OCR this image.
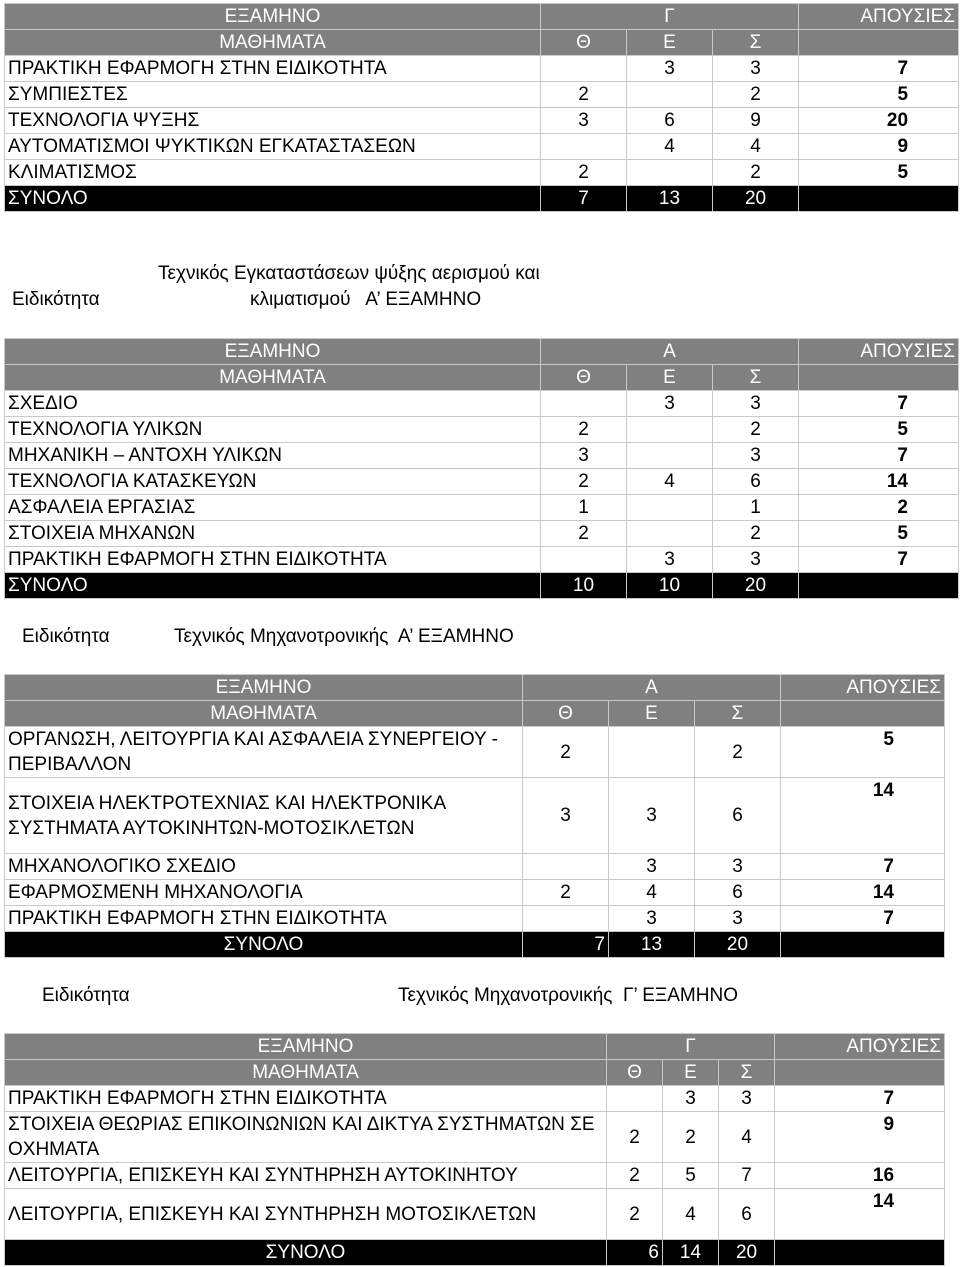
ΕΞΑΜΗΝΟ	Γ			ΑΠΟΥΣΙΕΣ
ΜΑΘΗΜΑΤΑ	Θ	Ε	Σ	
ΠΡΑΚΤΙΚΗ ΕΦΑΡΜΟΓΗ ΣΤΗΝ ΕΙΔΙΚΟΤΗΤΑ		3	3	7
ΣΥΜΠΙΕΣΤΕΣ	2		2	5
ΤΕΧΝΟΛΟΓΙΑ ΨΥΞΗΣ	3	6	9	20
ΑΥΤΟΜΑΤΙΣΜΟΙ ΨΥΚΤΙΚΩΝ ΕΓΚΑΤΑΣΤΑΣΕΩΝ		4	4	9
ΚΛΙΜΑΤΙΣΜΟΣ	2		2	5
ΣΥΝΟΛΟ	7	13	20	
Ειδικότητα
Τεχνικός Εγκαταστάσεων ψύξης αερισμού και
κλιματισμού   Α’ ΕΞΑΜΗΝΟ
ΕΞΑΜΗΝΟ	Α			ΑΠΟΥΣΙΕΣ
ΜΑΘΗΜΑΤΑ	Θ	Ε	Σ	
ΣΧΕΔΙΟ		3	3	7
ΤΕΧΝΟΛΟΓΙΑ ΥΛΙΚΩΝ	2		2	5
ΜΗΧΑΝΙΚΗ – ΑΝΤΟΧΗ ΥΛΙΚΩΝ	3		3	7
ΤΕΧΝΟΛΟΓΙΑ ΚΑΤΑΣΚΕΥΩΝ	2	4	6	14
ΑΣΦΑΛΕΙΑ ΕΡΓΑΣΙΑΣ	1		1	2
ΣΤΟΙΧΕΙΑ ΜΗΧΑΝΩΝ	2		2	5
ΠΡΑΚΤΙΚΗ ΕΦΑΡΜΟΓΗ ΣΤΗΝ ΕΙΔΙΚΟΤΗΤΑ		3	3	7
ΣΥΝΟΛΟ	10	10	20	
Ειδικότητα	Τεχνικός Μηχανοτρονικής  Α’ ΕΞΑΜΗΝΟ
ΕΞΑΜΗΝΟ	Α			ΑΠΟΥΣΙΕΣ
ΜΑΘΗΜΑΤΑ	Θ	Ε	Σ	
ΟΡΓΑΝΩΣΗ, ΛΕΙΤΟΥΡΓΙΑ ΚΑΙ ΑΣΦΑΛΕΙΑ ΣΥΝΕΡΓΕΙΟΥ - ΠΕΡΙΒΑΛΛΟΝ	2		2	5
ΣΤΟΙΧΕΙΑ ΗΛΕΚΤΡΟΤΕΧΝΙΑΣ ΚΑΙ ΗΛΕΚΤΡΟΝΙΚΑ ΣΥΣΤΗΜΑΤΑ ΑΥΤΟΚΙΝΗΤΩΝ-ΜΟΤΟΣΙΚΛΕΤΩΝ	3	3	6	14
ΜΗΧΑΝΟΛΟΓΙΚΟ ΣΧΕΔΙΟ		3	3	7
ΕΦΑΡΜΟΣΜΕΝΗ ΜΗΧΑΝΟΛΟΓΙΑ	2	4	6	14
ΠΡΑΚΤΙΚΗ ΕΦΑΡΜΟΓΗ ΣΤΗΝ ΕΙΔΙΚΟΤΗΤΑ		3	3	7
ΣΥΝΟΛΟ	7	13	20	
Ειδικότητα	Τεχνικός Μηχανοτρονικής  Γ’ ΕΞΑΜΗΝΟ
ΕΞΑΜΗΝΟ	Γ			ΑΠΟΥΣΙΕΣ
ΜΑΘΗΜΑΤΑ	Θ	Ε	Σ	
ΠΡΑΚΤΙΚΗ ΕΦΑΡΜΟΓΗ ΣΤΗΝ ΕΙΔΙΚΟΤΗΤΑ		3	3	7
ΣΤΟΙΧΕΙΑ ΘΕΩΡΙΑΣ ΕΠΙΚΟΙΝΩΝΙΩΝ ΚΑΙ ΔΙΚΤΥΑ ΣΥΣΤΗΜΑΤΩΝ ΣΕ ΟΧΗΜΑΤΑ	2	2	4	9
ΛΕΙΤΟΥΡΓΙΑ, ΕΠΙΣΚΕΥΗ ΚΑΙ ΣΥΝΤΗΡΗΣΗ ΑΥΤΟΚΙΝΗΤΟΥ	2	5	7	16
ΛΕΙΤΟΥΡΓΙΑ, ΕΠΙΣΚΕΥΗ ΚΑΙ ΣΥΝΤΗΡΗΣΗ ΜΟΤΟΣΙΚΛΕΤΩΝ	2	4	6	14
ΣΥΝΟΛΟ	6	14	20	
